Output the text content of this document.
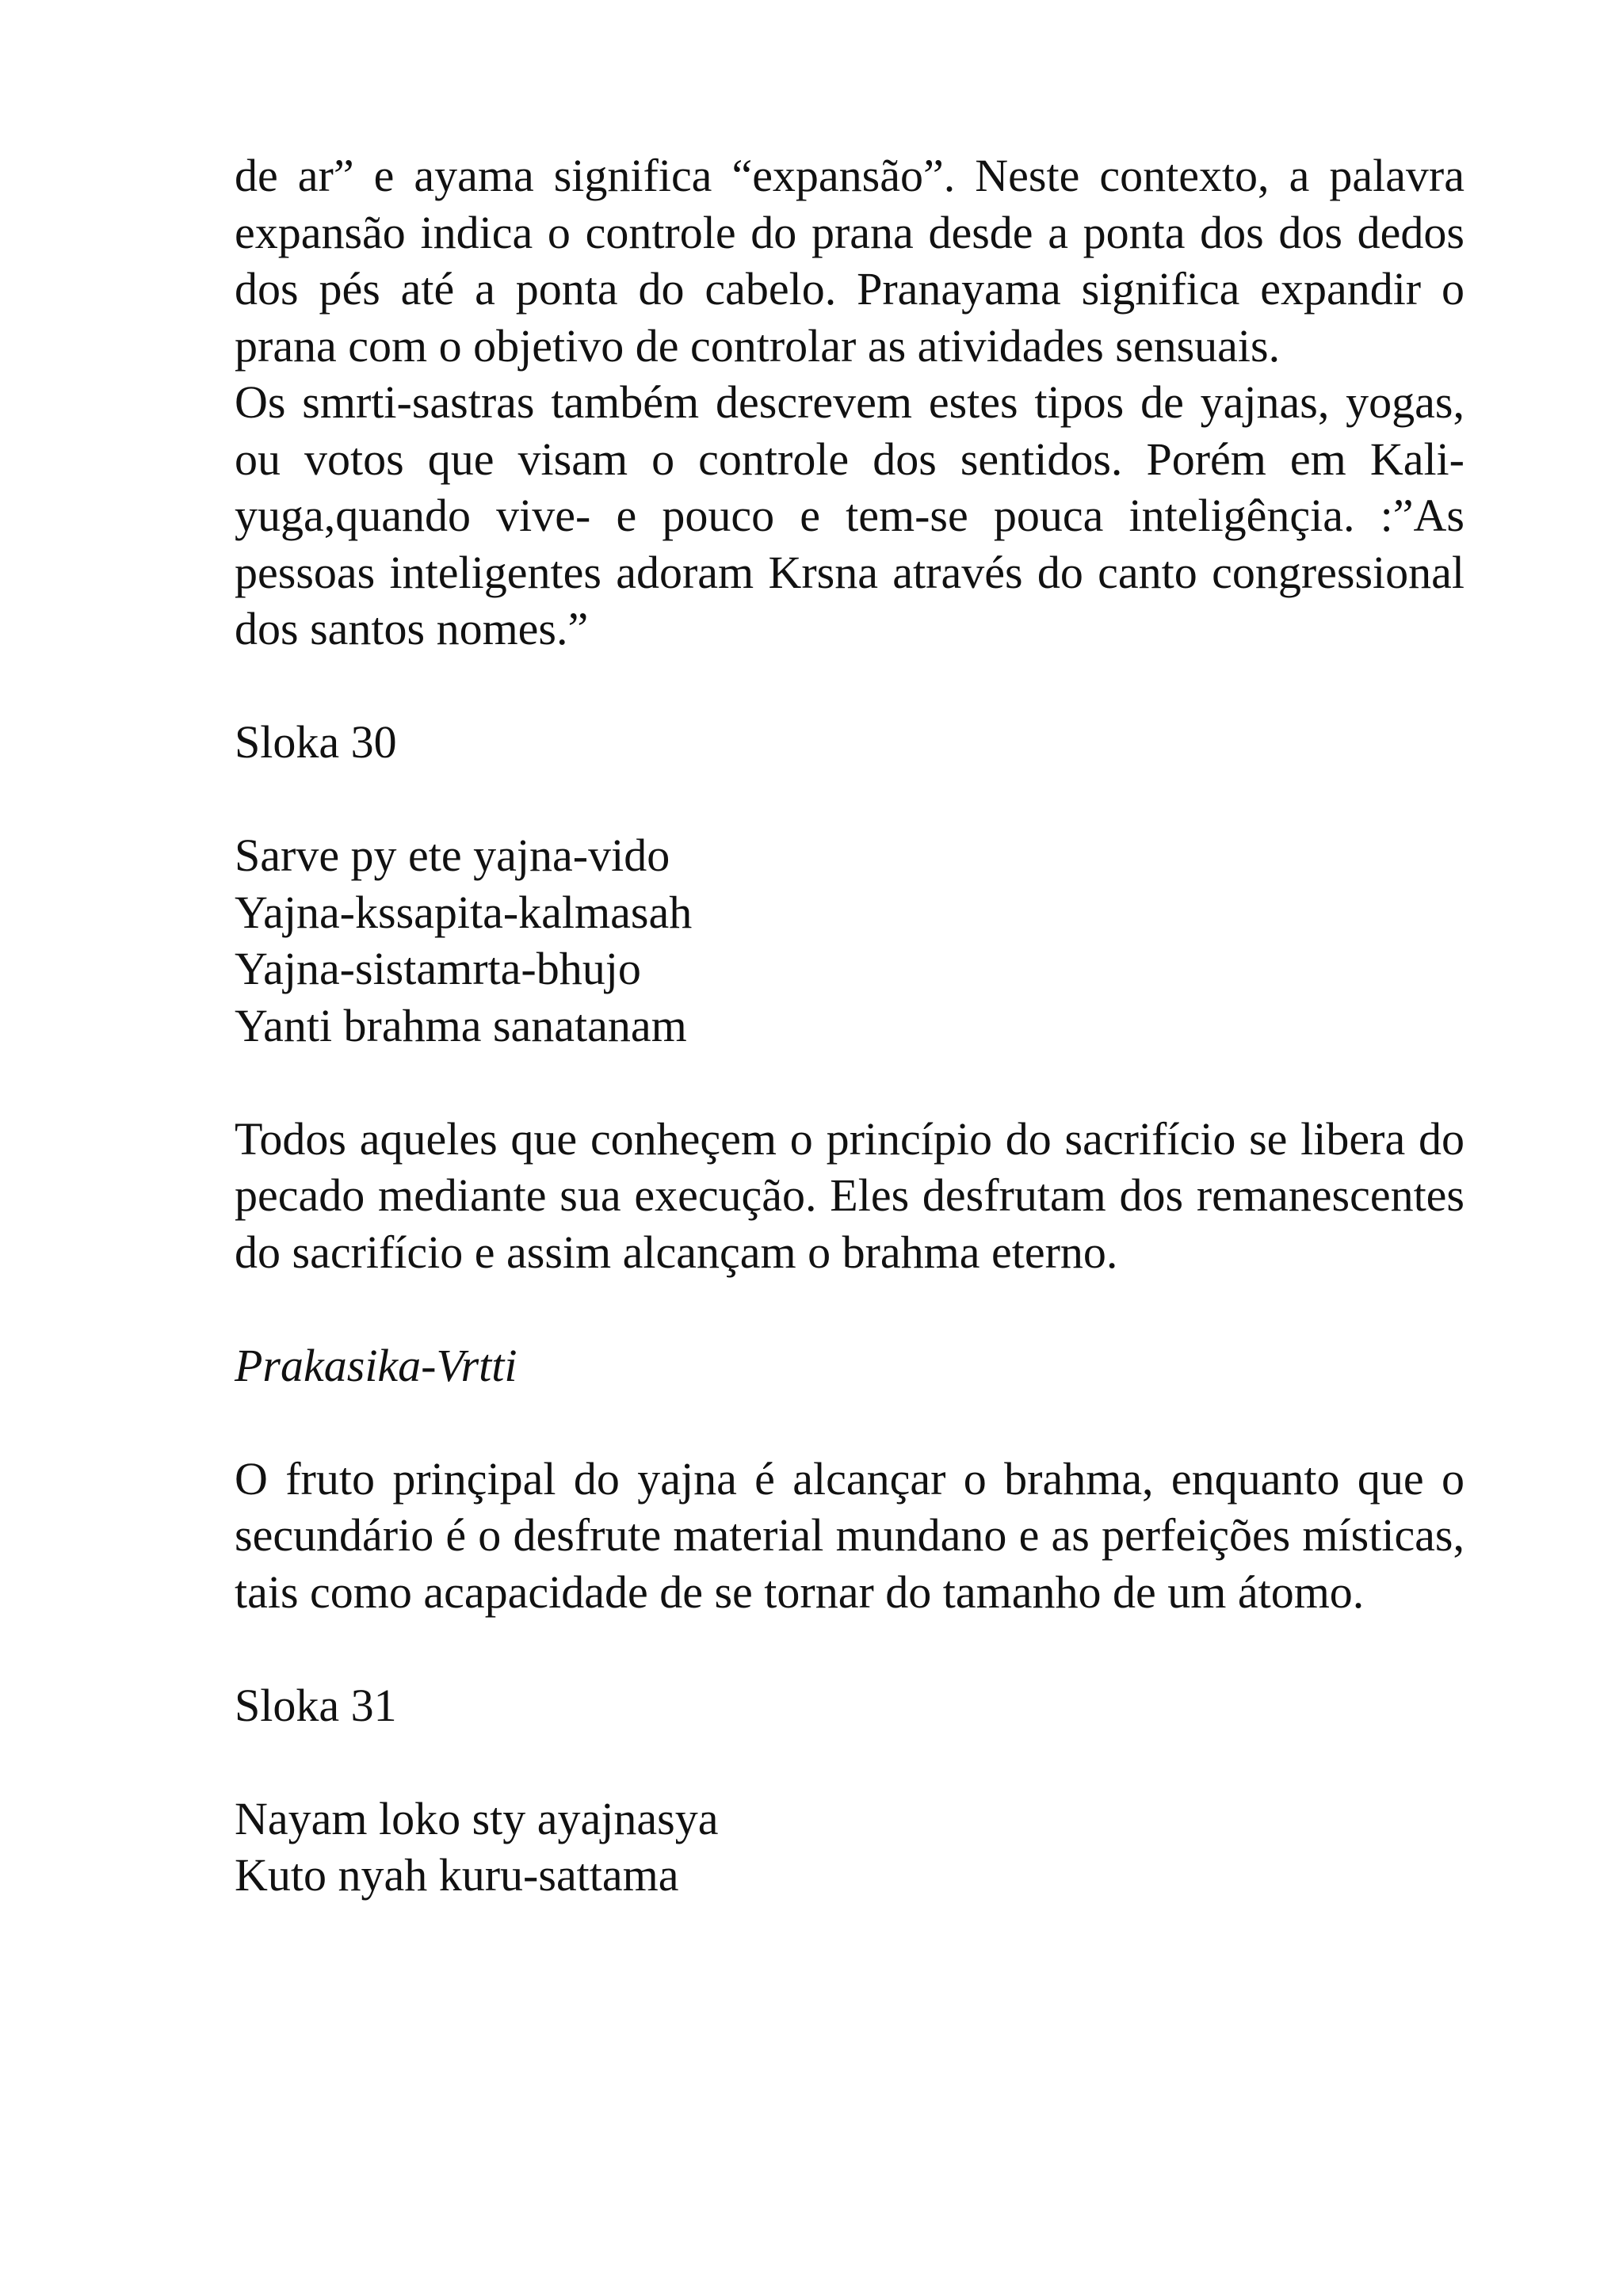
de ar” e ayama significa “expansão”. Neste contexto, a palavra expansão indica o controle do prana desde a ponta dos dos dedos dos pés até a ponta do cabelo. Pranayama significa expandir o prana com o objetivo de controlar as atividades sensuais.

Os smrti-sastras também descrevem estes tipos de yajnas, yogas, ou votos que visam o controle dos sentidos. Porém em Kali-yuga,quando vive- e pouco e tem-se pouca inteligênçia. :”As pessoas inteligentes adoram Krsna através do canto congressional dos santos nomes.”

Sloka 30

Sarve py ete yajna-vido
Yajna-kssapita-kalmasah
Yajna-sistamrta-bhujo
Yanti brahma sanatanam

Todos aqueles que conheçem o princípio do sacrifício se libera do pecado mediante sua execução. Eles desfrutam dos remanescentes do sacrifício e assim alcançam o brahma eterno.

Prakasika-Vrtti

O fruto prinçipal do yajna é alcançar o brahma, enquanto que o secundário é o desfrute material mundano e as perfeições místicas, tais como acapacidade de se tornar do tamanho de um átomo.

Sloka 31

Nayam loko sty ayajnasya
Kuto nyah kuru-sattama
